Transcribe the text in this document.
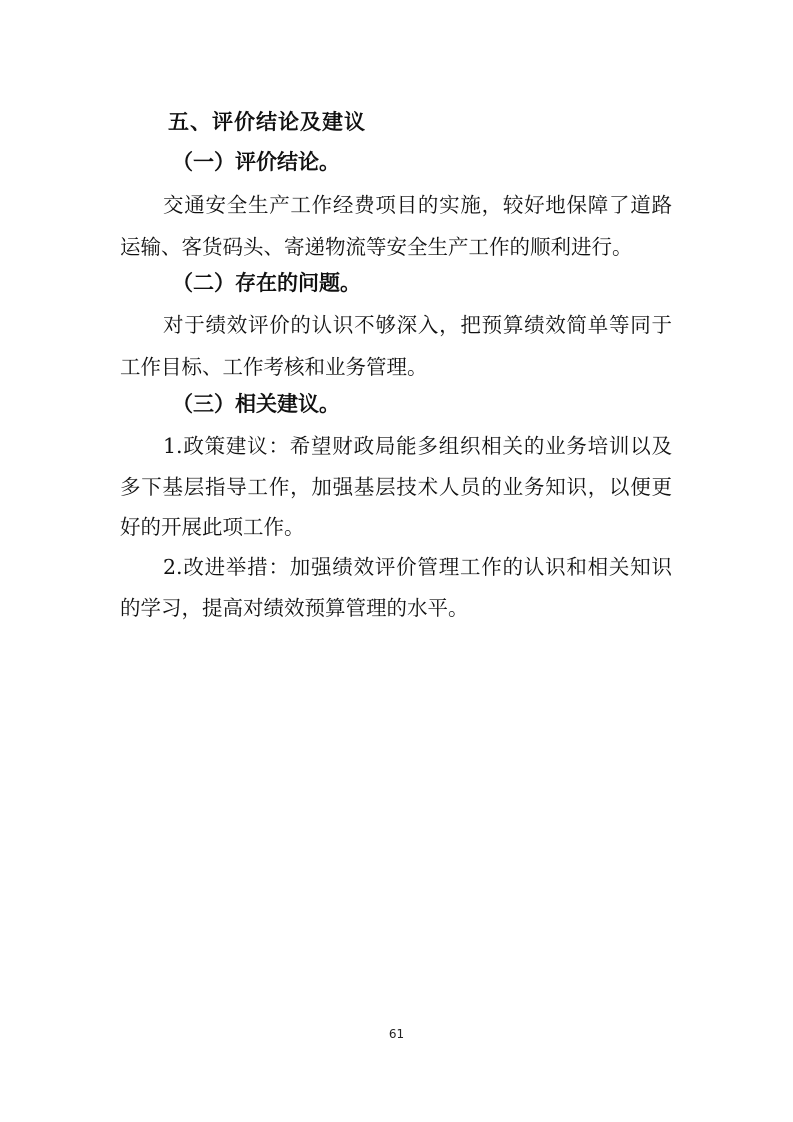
五、评价结论及建议
（一）评价结论。
交通安全生产工作经费项目的实施，较好地保障了道路
运输、客货码头、寄递物流等安全生产工作的顺利进行。
（二）存在的问题。
对于绩效评价的认识不够深入，把预算绩效简单等同于
工作目标、工作考核和业务管理。
（三）相关建议。
1.政策建议：希望财政局能多组织相关的业务培训以及
多下基层指导工作，加强基层技术人员的业务知识，以便更
好的开展此项工作。
2.改进举措：加强绩效评价管理工作的认识和相关知识
的学习，提高对绩效预算管理的水平。
61
